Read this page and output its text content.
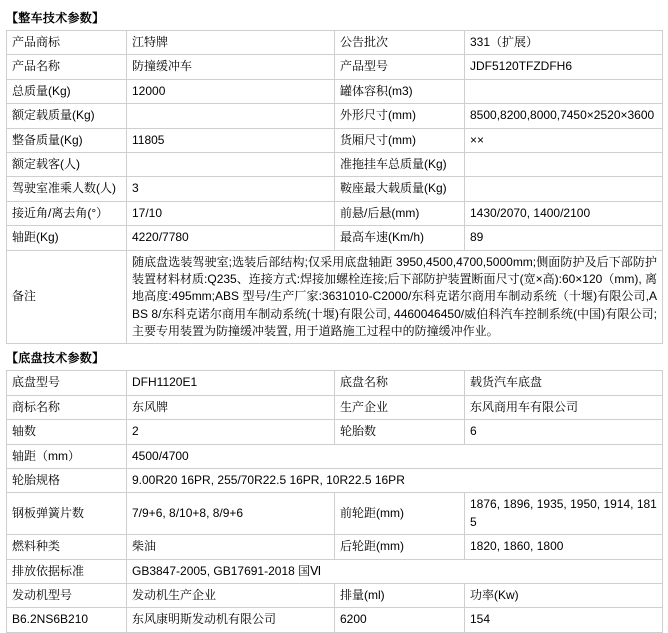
【整车技术参数】
产品商标	江特牌	公告批次	331（扩展）
产品名称	防撞缓冲车	产品型号	JDF5120TFZDFH6
总质量(Kg)	12000	罐体容积(m3)	
额定载质量(Kg)		外形尺寸(mm)	8500,8200,8000,7450×2520×3600
整备质量(Kg)	11805	货厢尺寸(mm)	××
额定载客(人)		准拖挂车总质量(Kg)	
驾驶室准乘人数(人)	3	鞍座最大载质量(Kg)	
接近角/离去角(°）	17/10	前悬/后悬(mm)	1430/2070, 1400/2100
轴距(Kg)	4220/7780	最高车速(Km/h)	89
备注	随底盘选装驾驶室;选装后部结构;仅采用底盘轴距 3950,4500,4700,5000mm;侧面防护及后下部防护装置材料材质:Q235、连接方式:焊接加螺栓连接;后下部防护装置断面尺寸(宽×高):60×120（mm), 离地高度:495mm;ABS 型号/生产厂家:3631010-C2000/东科克诺尔商用车制动系统（十堰)有限公司,ABS 8/东科克诺尔商用车制动系统(十堰)有限公司, 4460046450/威伯科汽车控制系统(中国)有限公司; 主要专用装置为防撞缓冲装置, 用于道路施工过程中的防撞缓冲作业。		
【底盘技术参数】
底盘型号	DFH1120E1	底盘名称	载货汽车底盘
商标名称	东风牌	生产企业	东风商用车有限公司
轴数	2	轮胎数	6
轴距（mm）	4500/4700		
轮胎规格	9.00R20 16PR, 255/70R22.5 16PR, 10R22.5 16PR		
钢板弹簧片数	7/9+6, 8/10+8, 8/9+6	前轮距(mm)	1876, 1896, 1935, 1950, 1914, 1815
燃料种类	柴油	后轮距(mm)	1820, 1860, 1800
排放依据标准	GB3847-2005, GB17691-2018 国Ⅵ		
发动机型号	发动机生产企业	排量(ml)	功率(Kw)
B6.2NS6B210	东风康明斯发动机有限公司	6200	154
